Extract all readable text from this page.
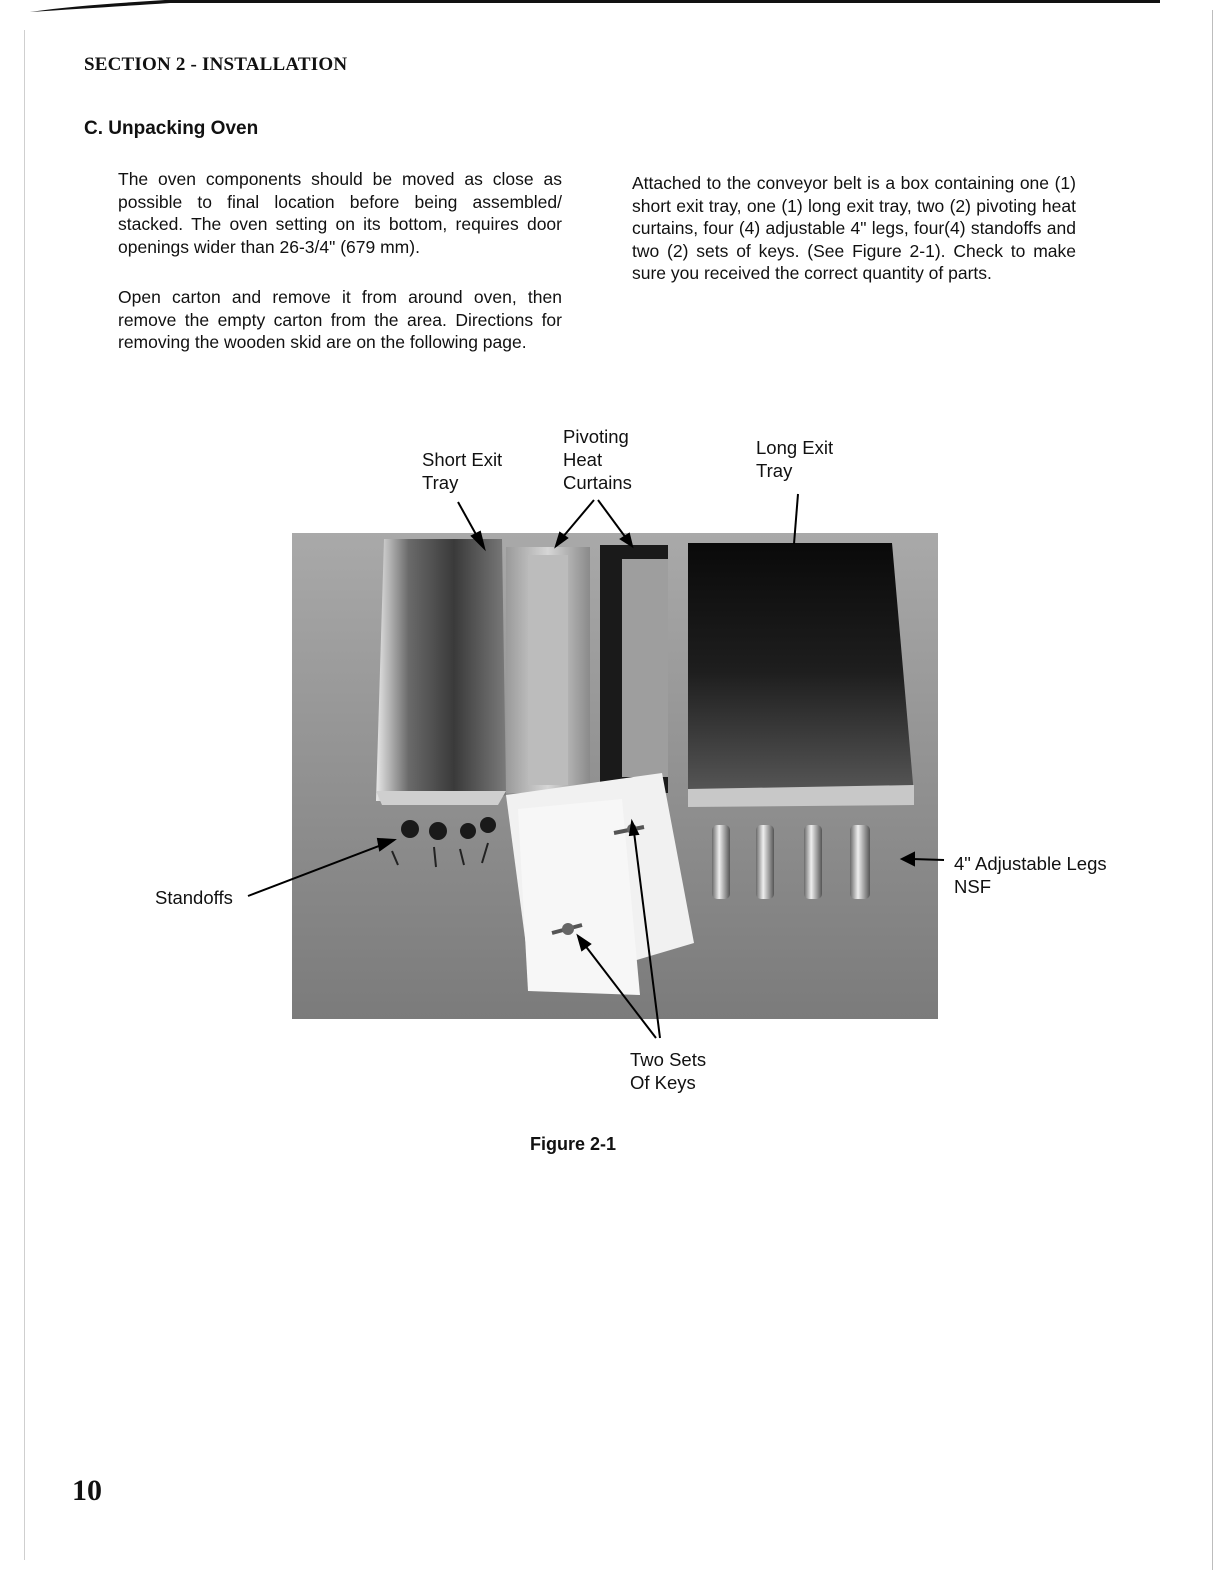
SECTION 2 - INSTALLATION
C. Unpacking Oven
The oven components should be moved as close as possible to final location before being assembled/ stacked. The oven setting on its bottom, requires door openings wider than 26-3/4" (679 mm).
Open carton and remove it from around oven, then remove the empty carton from the area. Directions for removing the wooden skid are on the following page.
Attached to the conveyor belt is a box containing one (1) short exit tray, one (1) long exit tray, two (2) pivoting heat curtains, four (4) adjustable 4" legs, four(4) standoffs and two (2) sets of keys. (See Figure 2-1). Check to make sure you received the correct quantity of parts.
Short Exit
Tray
Pivoting
Heat
Curtains
Long Exit
Tray
Standoffs
4" Adjustable Legs
NSF
Two Sets
Of Keys
Figure 2-1
10
